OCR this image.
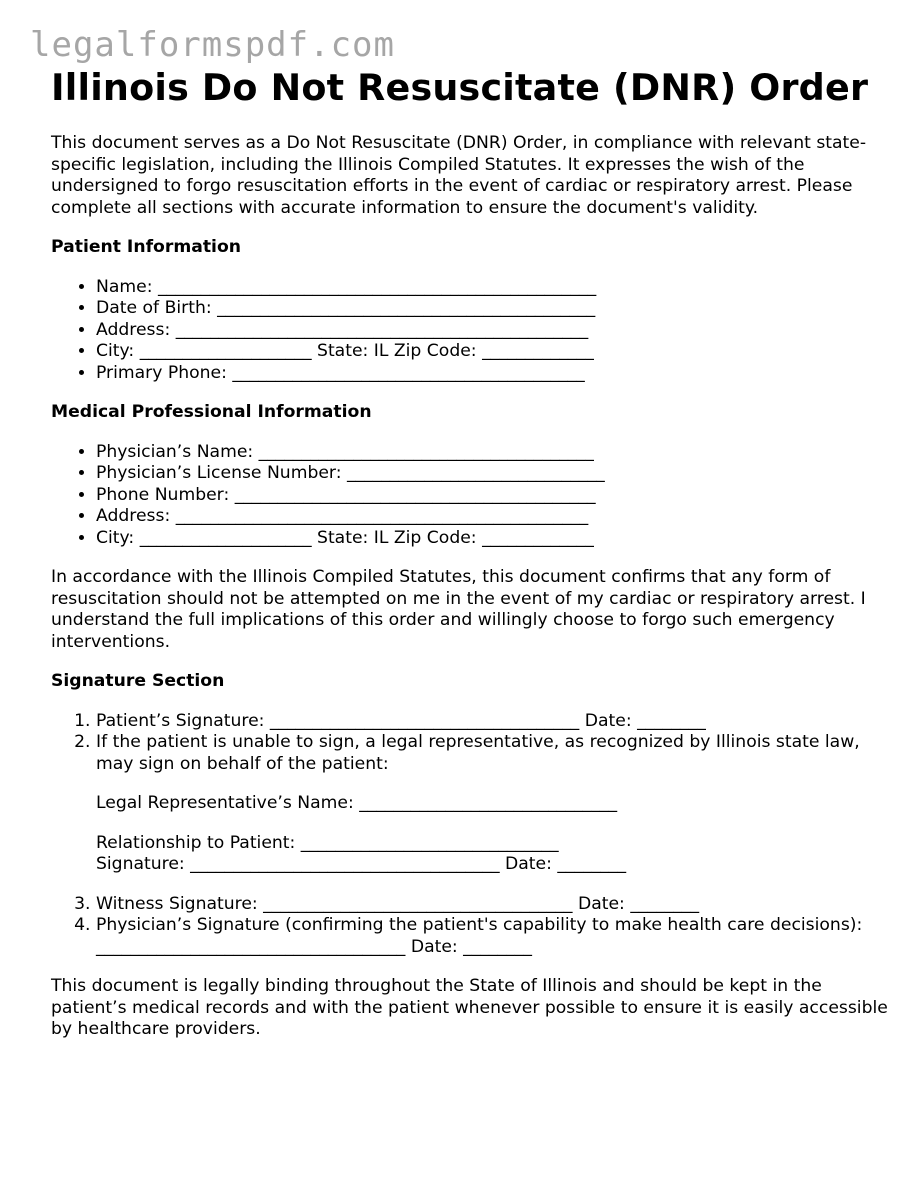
legalformspdf.com
Illinois Do Not Resuscitate (DNR) Order

This document serves as a Do Not Resuscitate (DNR) Order, in compliance with relevant state-specific legislation, including the Illinois Compiled Statutes. It expresses the wish of the undersigned to forgo resuscitation efforts in the event of cardiac or respiratory arrest. Please complete all sections with accurate information to ensure the document's validity.

Patient Information
• Name: ___________________________________________________
• Date of Birth: ____________________________________________
• Address: ________________________________________________
• City: ____________________ State: IL Zip Code: _____________
• Primary Phone: _________________________________________
Medical Professional Information
• Physician’s Name: _______________________________________
• Physician’s License Number: ______________________________
• Phone Number: __________________________________________
• Address: ________________________________________________
• City: ____________________ State: IL Zip Code: _____________

In accordance with the Illinois Compiled Statutes, this document confirms that any form of resuscitation should not be attempted on me in the event of my cardiac or respiratory arrest. I understand the full implications of this order and willingly choose to forgo such emergency interventions.

Signature Section
1. Patient’s Signature: ____________________________________ Date: ________
2. If the patient is unable to sign, a legal representative, as recognized by Illinois state law, may sign on behalf of the patient:
Legal Representative’s Name: ______________________________
Relationship to Patient: ______________________________
Signature: ____________________________________ Date: ________
3. Witness Signature: ____________________________________ Date: ________
4. Physician’s Signature (confirming the patient's capability to make health care decisions): ____________________________________ Date: ________

This document is legally binding throughout the State of Illinois and should be kept in the patient’s medical records and with the patient whenever possible to ensure it is easily accessible by healthcare providers.
